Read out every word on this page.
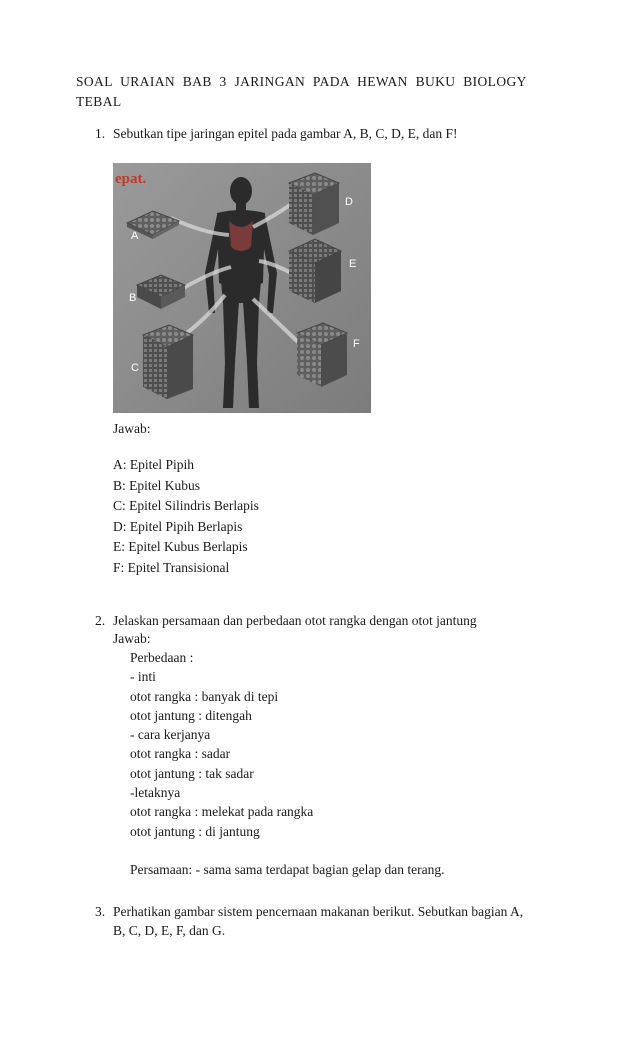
SOAL URAIAN BAB 3 JARINGAN PADA HEWAN BUKU BIOLOGY
TEBAL
1. Sebutkan tipe jaringan epitel pada gambar A, B, C, D, E, dan F!
epat.
A
B
C
D
E
F
Jawab:
A: Epitel Pipih
B: Epitel Kubus
C: Epitel Silindris Berlapis
D: Epitel Pipih Berlapis
E: Epitel Kubus Berlapis
F: Epitel Transisional
2. Jelaskan persamaan dan perbedaan otot rangka dengan otot jantung
Jawab:
Perbedaan :
- inti
otot rangka : banyak di tepi
otot jantung : ditengah
- cara kerjanya
otot rangka : sadar
otot jantung : tak sadar
-letaknya
otot rangka : melekat pada rangka
otot jantung : di jantung
Persamaan: - sama sama terdapat bagian gelap dan terang.
3. Perhatikan gambar sistem pencernaan makanan berikut. Sebutkan bagian A,
B, C, D, E, F, dan G.
